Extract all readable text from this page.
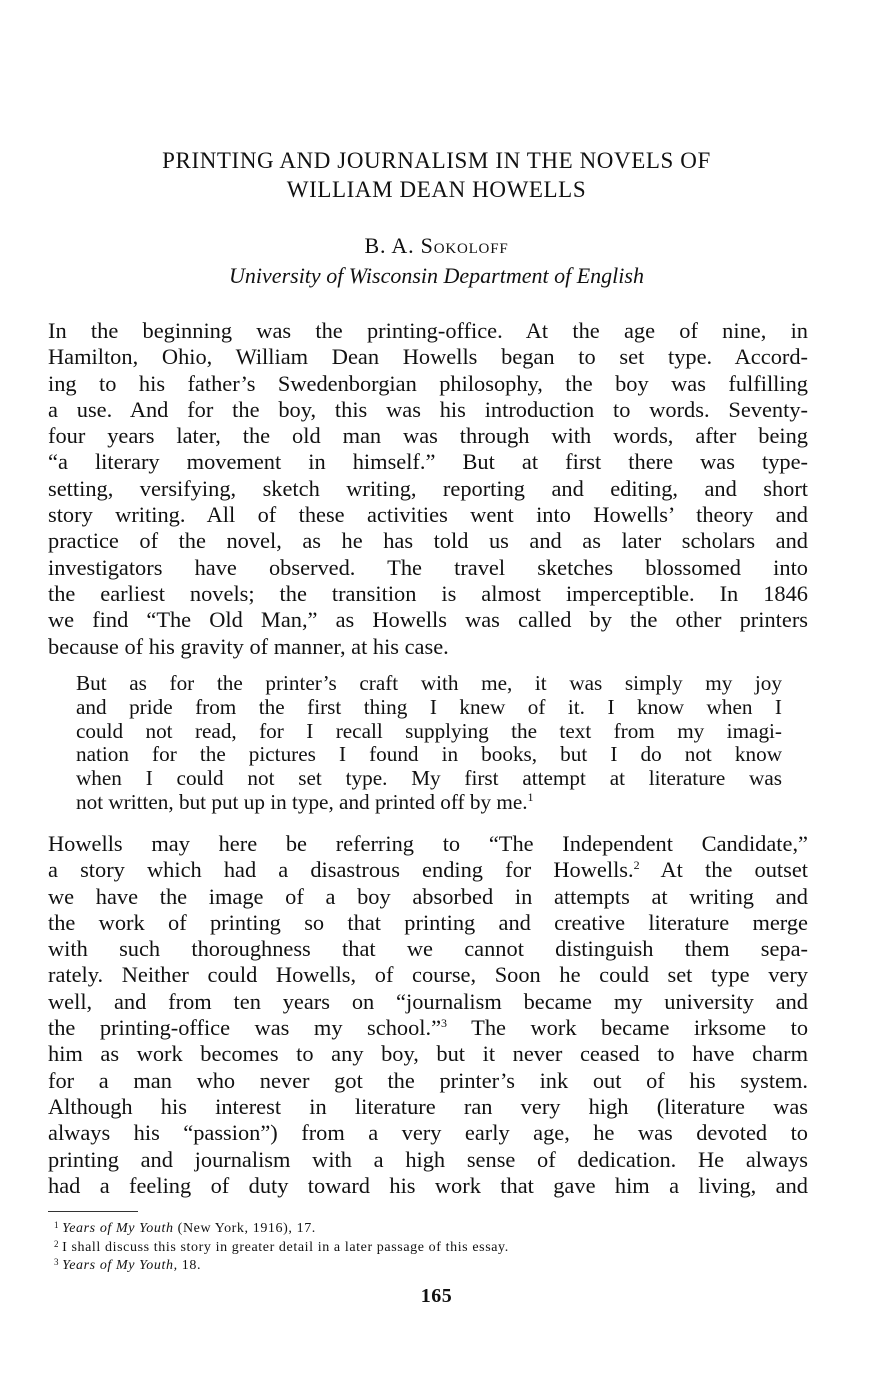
PRINTING AND JOURNALISM IN THE NOVELS OF
WILLIAM DEAN HOWELLS
B. A. Sokoloff
University of Wisconsin Department of English
In the beginning was the printing-office. At the age of nine, in
Hamilton, Ohio, William Dean Howells began to set type. Accord-
ing to his father’s Swedenborgian philosophy, the boy was fulfilling
a use. And for the boy, this was his introduction to words. Seventy-
four years later, the old man was through with words, after being
“a literary movement in himself.” But at first there was type-
setting, versifying, sketch writing, reporting and editing, and short
story writing. All of these activities went into Howells’ theory and
practice of the novel, as he has told us and as later scholars and
investigators have observed. The travel sketches blossomed into
the earliest novels; the transition is almost imperceptible. In 1846
we find “The Old Man,” as Howells was called by the other printers
because of his gravity of manner, at his case.
But as for the printer’s craft with me, it was simply my joy
and pride from the first thing I knew of it. I know when I
could not read, for I recall supplying the text from my imagi-
nation for the pictures I found in books, but I do not know
when I could not set type. My first attempt at literature was
not written, but put up in type, and printed off by me.$^1$
Howells may here be referring to “The Independent Candidate,”
a story which had a disastrous ending for Howells.$^2$ At the outset
we have the image of a boy absorbed in attempts at writing and
the work of printing so that printing and creative literature merge
with such thoroughness that we cannot distinguish them sepa-
rately. Neither could Howells, of course, Soon he could set type very
well, and from ten years on “journalism became my university and
the printing-office was my school.”$^3$ The work became irksome to
him as work becomes to any boy, but it never ceased to have charm
for a man who never got the printer’s ink out of his system.
Although his interest in literature ran very high (literature was
always his “passion”) from a very early age, he was devoted to
printing and journalism with a high sense of dedication. He always
had a feeling of duty toward his work that gave him a living, and
$^1$ Years of My Youth (New York, 1916), 17.
$^2$ I shall discuss this story in greater detail in a later passage of this essay.
$^3$ Years of My Youth, 18.
165
